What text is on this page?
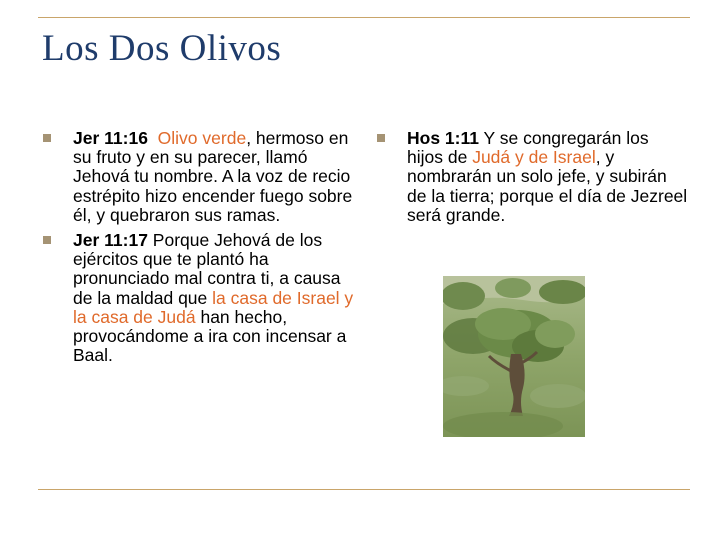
Los Dos Olivos
Jer 11:16 Olivo verde, hermoso en su fruto y en su parecer, llamó Jehová tu nombre. A la voz de recio estrépito hizo encender fuego sobre él, y quebraron sus ramas.
Jer 11:17 Porque Jehová de los ejércitos que te plantó ha pronunciado mal contra ti, a causa de la maldad que la casa de Israel y la casa de Judá han hecho, provocándome a ira con incensar a Baal.
Hos 1:11 Y se congregarán los hijos de Judá y de Israel, y nombrarán un solo jefe, y subirán de la tierra; porque el día de Jezreel será grande.
